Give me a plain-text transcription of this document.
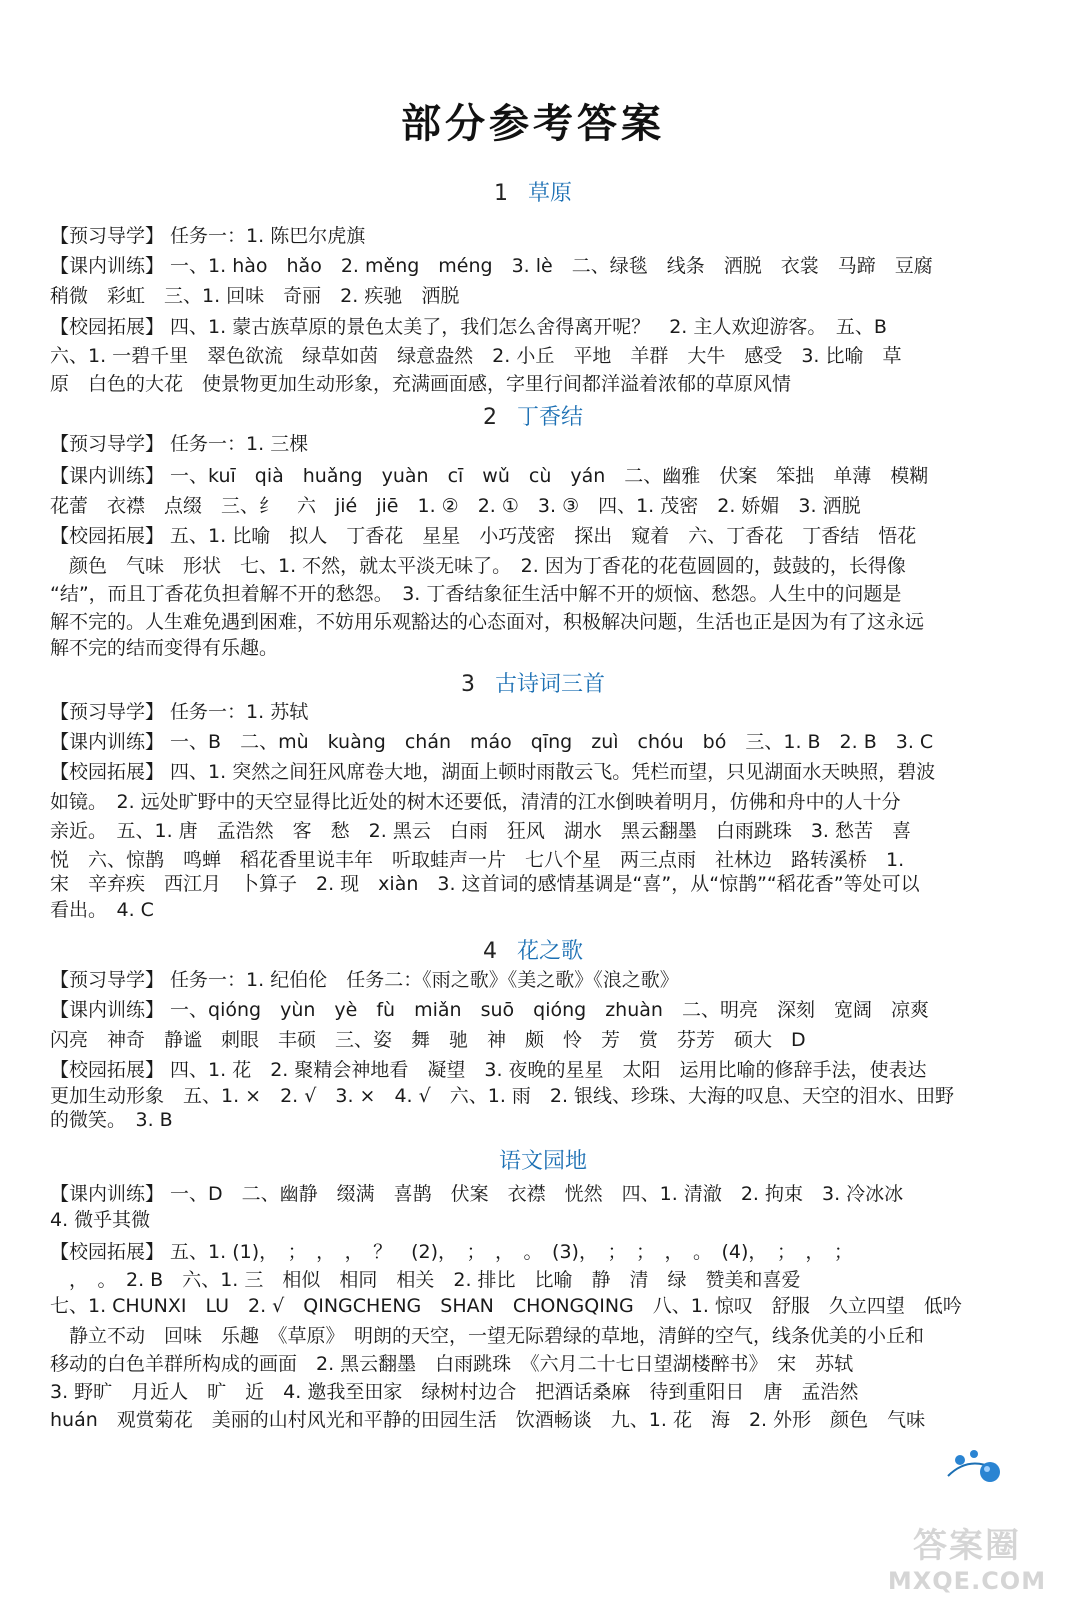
部分参考答案
1 草原
【预习导学】 任务一：1. 陈巴尔虎旗
【课内训练】 一、1. hào　hǎo　2. měng　méng　3. lè　二、绿毯　线条　洒脱　衣裳　马蹄　豆腐
稍微　彩虹　三、1. 回味　奇丽　2. 疾驰　洒脱
【校园拓展】 四、1. 蒙古族草原的景色太美了，我们怎么舍得离开呢？　2. 主人欢迎游客。　五、B
六、1. 一碧千里　翠色欲流　绿草如茵　绿意盎然　2. 小丘　平地　羊群　大牛　感受　3. 比喻　草
原　白色的大花　使景物更加生动形象，充满画面感，字里行间都洋溢着浓郁的草原风情
2 丁香结
【预习导学】 任务一：1. 三棵
【课内训练】 一、kuī　qià　huǎng　yuàn　cī　wǔ　cù　yán　二、幽雅　伏案　笨拙　单薄　模糊
花蕾　衣襟　点缀　三、纟　六　jié　jiē　1. ②　2. ①　3. ③　四、1. 茂密　2. 娇媚　3. 洒脱
【校园拓展】 五、1. 比喻　拟人　丁香花　星星　小巧茂密　探出　窥着　六、丁香花　丁香结　悟花
　颜色　气味　形状　七、1. 不然，就太平淡无味了。　2. 因为丁香花的花苞圆圆的，鼓鼓的，长得像
“结”，而且丁香花负担着解不开的愁怨。　3. 丁香结象征生活中解不开的烦恼、愁怨。人生中的问题是
解不完的。人生难免遇到困难，不妨用乐观豁达的心态面对，积极解决问题，生活也正是因为有了这永远
解不完的结而变得有乐趣。
3 古诗词三首
【预习导学】 任务一：1. 苏轼
【课内训练】 一、B　二、mù　kuàng　chán　máo　qīng　zuì　chóu　bó　三、1. B　2. B　3. C
【校园拓展】 四、1. 突然之间狂风席卷大地，湖面上顿时雨散云飞。凭栏而望，只见湖面水天映照，碧波
如镜。　2. 远处旷野中的天空显得比近处的树木还要低，清清的江水倒映着明月，仿佛和舟中的人十分
亲近。　五、1. 唐　孟浩然　客　愁　2. 黑云　白雨　狂风　湖水　黑云翻墨　白雨跳珠　3. 愁苦　喜
悦　六、惊鹊　鸣蝉　稻花香里说丰年　听取蛙声一片　七八个星　两三点雨　社林边　路转溪桥　1.
宋　辛弃疾　西江月　卜算子　2. 现　xiàn　3. 这首词的感情基调是“喜”，从“惊鹊”“稻花香”等处可以
看出。　4. C
4 花之歌
【预习导学】 任务一：1. 纪伯伦　任务二：《雨之歌》《美之歌》《浪之歌》
【课内训练】 一、qióng　yùn　yè　fù　miǎn　suō　qióng　zhuàn　二、明亮　深刻　宽阔　凉爽
闪亮　神奇　静谧　刺眼　丰硕　三、姿　舞　驰　神　颇　怜　芳　赏　芬芳　硕大　D
【校园拓展】 四、1. 花　2. 聚精会神地看　凝望　3. 夜晚的星星　太阳　运用比喻的修辞手法，使表达
更加生动形象　五、1. ×　2. √　3. ×　4. √　六、1. 雨　2. 银线、珍珠、大海的叹息、天空的泪水、田野
的微笑。　3. B
语文园地
【课内训练】 一、D　二、幽静　缀满　喜鹊　伏案　衣襟　恍然　四、1. 清澈　2. 拘束　3. 冷冰冰
4. 微乎其微
【校园拓展】 五、1. (1)，　；　，　，　？　(2)，　；　，　。　(3)，　；　；　，　。　(4)，　；　，　；
　，　。　2. B　六、1. 三　相似　相同　相关　2. 排比　比喻　静　清　绿　赞美和喜爱
七、1. CHUNXI　LU　2. √　QINGCHENG　SHAN　CHONGQING　八、1. 惊叹　舒服　久立四望　低吟
　静立不动　回味　乐趣　《草原》　明朗的天空，一望无际碧绿的草地，清鲜的空气，线条优美的小丘和
移动的白色羊群所构成的画面　2. 黑云翻墨　白雨跳珠　《六月二十七日望湖楼醉书》　宋　苏轼
3. 野旷　月近人　旷　近　4. 邀我至田家　绿树村边合　把酒话桑麻　待到重阳日　唐　孟浩然
huán　观赏菊花　美丽的山村风光和平静的田园生活　饮酒畅谈　九、1. 花　海　2. 外形　颜色　气味
答案圈
MXQE.COM
